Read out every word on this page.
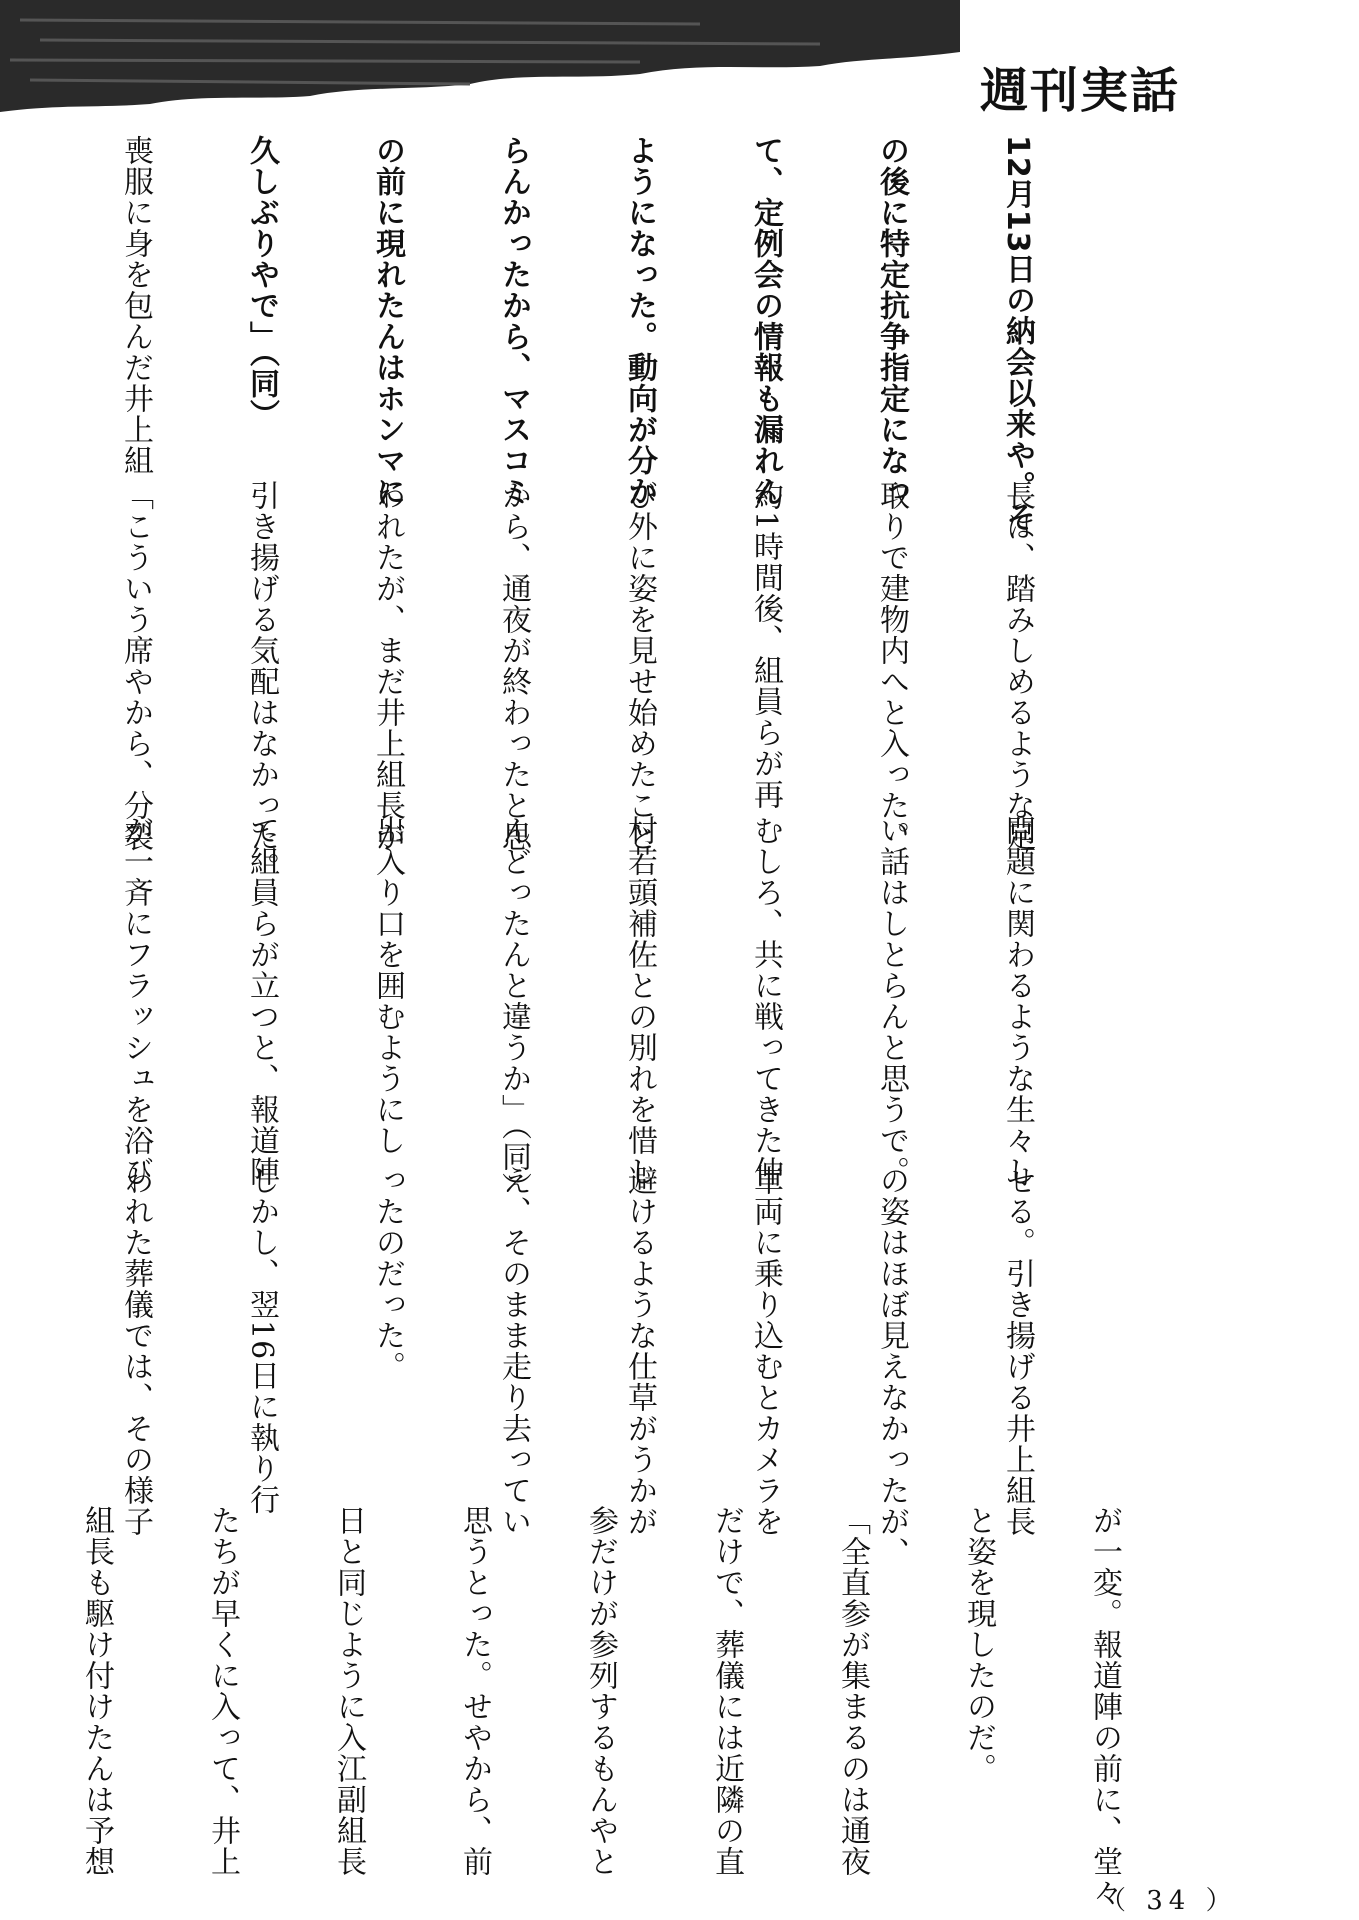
週刊実話

12月13日の納会以来や。そ

の後に特定抗争指定になっ

て、定例会の情報も漏れん

ようになった。動向が分か

らんかったから、マスコミ

の前に現れたんはホンマに

久しぶりやで」（同）

喪服に身を包んだ井上組

長は、踏みしめるような足

取りで建物内へと入った。

約1時間後、組員らが再

び外に姿を見せ始めたこと

から、通夜が終わったと思

われたが、まだ井上組長が

引き揚げる気配はなかった。

「こういう席やから、分裂

問題に関わるような生々し

い話はしとらんと思うで。

むしろ、共に戦ってきた仲

村若頭補佐との別れを惜し

んどったんと違うか」（同）

出入り口を囲むようにし

て組員らが立つと、報道陣

が一斉にフラッシュを浴び

せる。引き揚げる井上組長

の姿はほぼ見えなかったが、

車両に乗り込むとカメラを

避けるような仕草がうかが

え、そのまま走り去ってい

ったのだった。

しかし、翌16日に執り行

われた葬儀では、その様子

が一変。報道陣の前に、堂々

と姿を現したのだ。

「全直参が集まるのは通夜

だけで、葬儀には近隣の直

参だけが参列するもんやと

思うとった。せやから、前

日と同じように入江副組長

たちが早くに入って、井上

組長も駆け付けたんは予想

（ 34 ）
